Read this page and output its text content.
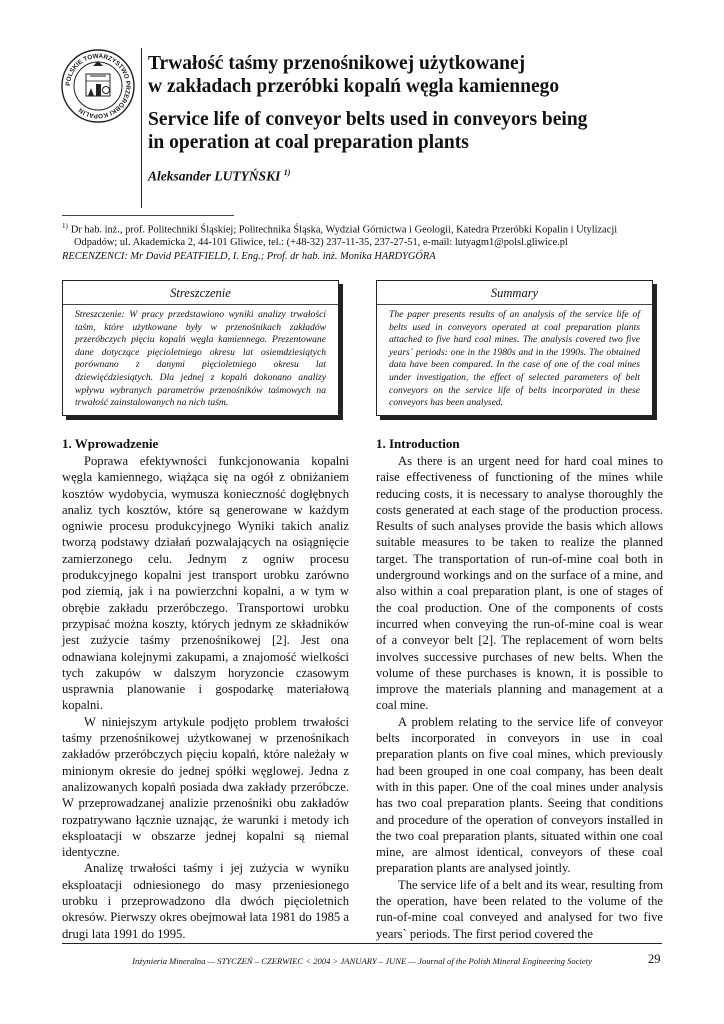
POLSKIE TOWARZYSTWO PRZERÓBKI KOPALIN
Trwałość taśmy przenośnikowej użytkowanej
w zakładach przeróbki kopalń węgla kamiennego
Service life of conveyor belts used in conveyors being
in operation at coal preparation plants
Aleksander LUTYŃSKI $^{1)}$
$^{1)}$ Dr hab. inż., prof. Politechniki Śląskiej; Politechnika Śląska, Wydział Górnictwa i Geologii, Katedra Przeróbki Kopalin i Utylizacji
Odpadów; ul. Akademicka 2, 44-101 Gliwice, tel.: (+48-32) 237-11-35, 237-27-51, e-mail: lutyagm1@polsl.gliwice.pl
RECENZENCI: Mr David PEATFIELD, I. Eng.; Prof. dr hab. inż. Monika HARDYGÓRA
Streszczenie

Streszczenie: W pracy przedstawiono wyniki analizy trwałości taśm, które użytkowane były w przenośnikach zakładów przeróbczych pięciu kopalń węgla kamiennego. Prezentowane dane dotyczące pięcioletniego okresu lat osiemdziesiątych porównano z danymi pięcioletniego okresu lat dziewięćdziesiątych. Dla jednej z kopalń dokonano analizy wpływu wybranych parametrów przenośników taśmowych na trwałość zainstalowanych na nich taśm.

Summary

The paper presents results of an analysis of the service life of belts used in conveyors operated at coal preparation plants attached to five hard coal mines. The analysis covered two five years` periods: one in the 1980s and in the 1990s. The obtained data have been compared. In the case of one of the coal mines under investigation, the effect of selected parameters of belt conveyors on the service life of belts incorporated in these conveyors has been analysed.

1. Wprowadzenie

Poprawa efektywności funkcjonowania kopalni węgla kamiennego, wiążąca się na ogół z obniżaniem kosztów wydobycia, wymusza konieczność dogłębnych analiz tych kosztów, które są generowane w każdym ogniwie procesu produkcyjnego Wyniki takich analiz tworzą podstawy działań pozwalających na osiągnięcie zamierzonego celu. Jednym z ogniw procesu produkcyjnego kopalni jest transport urobku zarówno pod ziemią, jak i na powierzchni kopalni, a w tym w obrębie zakładu przeróbczego. Transportowi urobku przypisać można koszty, których jednym ze składników jest zużycie taśmy przenośnikowej [2]. Jest ona odnawiana kolejnymi zakupami, a znajomość wielkości tych zakupów w dalszym horyzoncie czasowym usprawnia planowanie i gospodarkę materiałową kopalni.

W niniejszym artykule podjęto problem trwałości taśmy przenośnikowej użytkowanej w przenośnikach zakładów przeróbczych pięciu kopalń, które należały w minionym okresie do jednej spółki węglowej. Jedna z analizowanych kopalń posiada dwa zakłady przeróbcze. W przeprowadzanej analizie przenośniki obu zakładów rozpatrywano łącznie uznając, że warunki i metody ich eksploatacji w obszarze jednej kopalni są niemal identyczne.

Analizę trwałości taśmy i jej zużycia w wyniku eksploatacji odniesionego do masy przeniesionego urobku i przeprowadzono dla dwóch pięcioletnich okresów. Pierwszy okres obejmował lata 1981 do 1985 a drugi lata 1991 do 1995.

1. Introduction

As there is an urgent need for hard coal mines to raise effectiveness of functioning of the mines while reducing costs, it is necessary to analyse thoroughly the costs generated at each stage of the production process. Results of such analyses provide the basis which allows suitable measures to be taken to realize the planned target. The transportation of run-of-mine coal both in underground workings and on the surface of a mine, and also within a coal preparation plant, is one of stages of the coal production. One of the components of costs incurred when conveying the run-of-mine coal is wear of a conveyor belt [2]. The replacement of worn belts involves successive purchases of new belts. When the volume of these purchases is known, it is possible to improve the materials planning and management at a coal mine.

A problem relating to the service life of conveyor belts incorporated in conveyors in use in coal preparation plants on five coal mines, which previously had been grouped in one coal company, has been dealt with in this paper. One of the coal mines under analysis has two coal preparation plants. Seeing that conditions and procedure of the operation of conveyors installed in the two coal preparation plants, situated within one coal mine, are almost identical, conveyors of these coal preparation plants are analysed jointly.

The service life of a belt and its wear, resulting from the operation, have been related to the volume of the run-of-mine coal conveyed and analysed for two five years` periods. The first period covered the

Inżynieria Mineralna — STYCZEŃ – CZERWIEC < 2004 > JANUARY – JUNE — Journal of the Polish Mineral Engineering Society	29
